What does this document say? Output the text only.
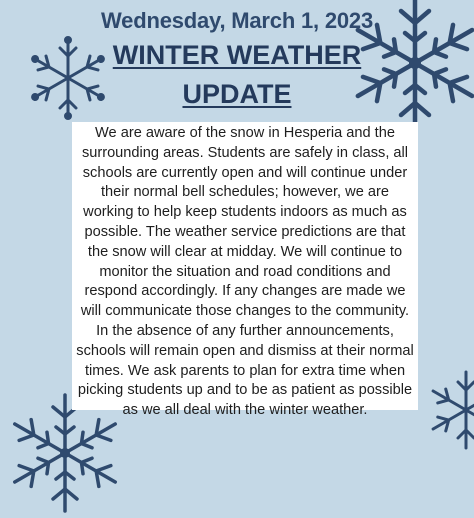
Wednesday, March 1, 2023
WINTER WEATHER
UPDATE
We are aware of the snow in Hesperia and the surrounding areas. Students are safely in class, all schools are currently open and will continue under their normal bell schedules; however, we are working to help keep students indoors as much as possible. The weather service predictions are that the snow will clear at midday. We will continue to monitor the situation and road conditions and respond accordingly. If any changes are made we will communicate those changes to the community. In the absence of any further announcements, schools will remain open and dismiss at their normal times. We ask parents to plan for extra time when picking students up and to be as patient as possible as we all deal with the winter weather.
